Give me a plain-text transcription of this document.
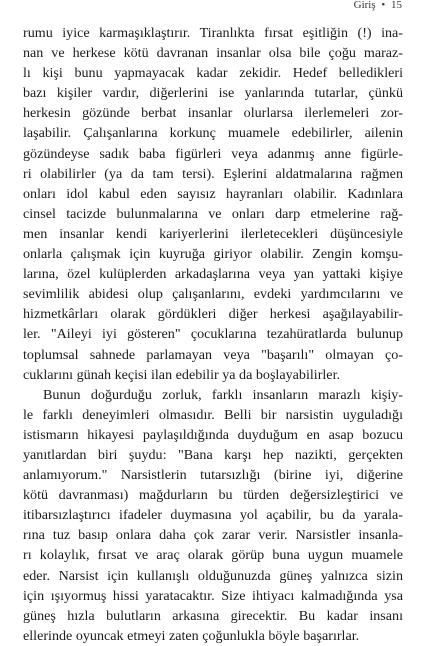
Giriş • 15
rumu iyice karmaşıklaştırır. Tiranlıkta fırsat eşitliğin (!) ina-
nan ve herkese kötü davranan insanlar olsa bile çoğu maraz-
lı kişi bunu yapmayacak kadar zekidir. Hedef belledikleri
bazı kişiler vardır, diğerlerini ise yanlarında tutarlar, çünkü
herkesin gözünde berbat insanlar olurlarsa ilerlemeleri zor-
laşabilir. Çalışanlarına korkunç muamele edebilirler, ailenin
gözündeyse sadık baba figürleri veya adanmış anne figürle-
ri olabilirler (ya da tam tersi). Eşlerini aldatmalarına rağmen
onları idol kabul eden sayısız hayranları olabilir. Kadınlara
cinsel tacizde bulunmalarına ve onları darp etmelerine rağ-
men insanlar kendi kariyerlerini ilerletecekleri düşüncesiyle
onlarla çalışmak için kuyruğa giriyor olabilir. Zengin komşu-
larına, özel kulüplerden arkadaşlarına veya yan yattaki kişiye
sevimlilik abidesi olup çalışanlarını, evdeki yardımcılarını ve
hizmetkârları olarak gördükleri diğer herkesi aşağılayabilir-
ler. "Aileyi iyi gösteren" çocuklarına tezahüratlarda bulunup
toplumsal sahnede parlamayan veya "başarılı" olmayan ço-
cuklarını günah keçisi ilan edebilir ya da boşlayabilirler.
Bunun doğurduğu zorluk, farklı insanların marazlı kişiy-
le farklı deneyimleri olmasıdır. Belli bir narsistin uyguladığı
istismarın hikayesi paylaşıldığında duyduğum en asap bozucu
yanıtlardan biri şuydu: "Bana karşı hep nazikti, gerçekten
anlamıyorum." Narsistlerin tutarsızlığı (birine iyi, diğerine
kötü davranması) mağdurların bu türden değersizleştirici ve
itibarsızlaştırıcı ifadeler duymasına yol açabilir, bu da yarala-
rına tuz basıp onlara daha çok zarar verir. Narsistler insanla-
rı kolaylık, fırsat ve araç olarak görüp buna uygun muamele
eder. Narsist için kullanışlı olduğunuzda güneş yalnızca sizin
için ışıyormuş hissi yaratacaktır. Size ihtiyacı kalmadığında ysa
güneş hızla bulutların arkasına girecektir. Bu kadar insanı
ellerinde oyuncak etmeyi zaten çoğunlukla böyle başarırlar.
